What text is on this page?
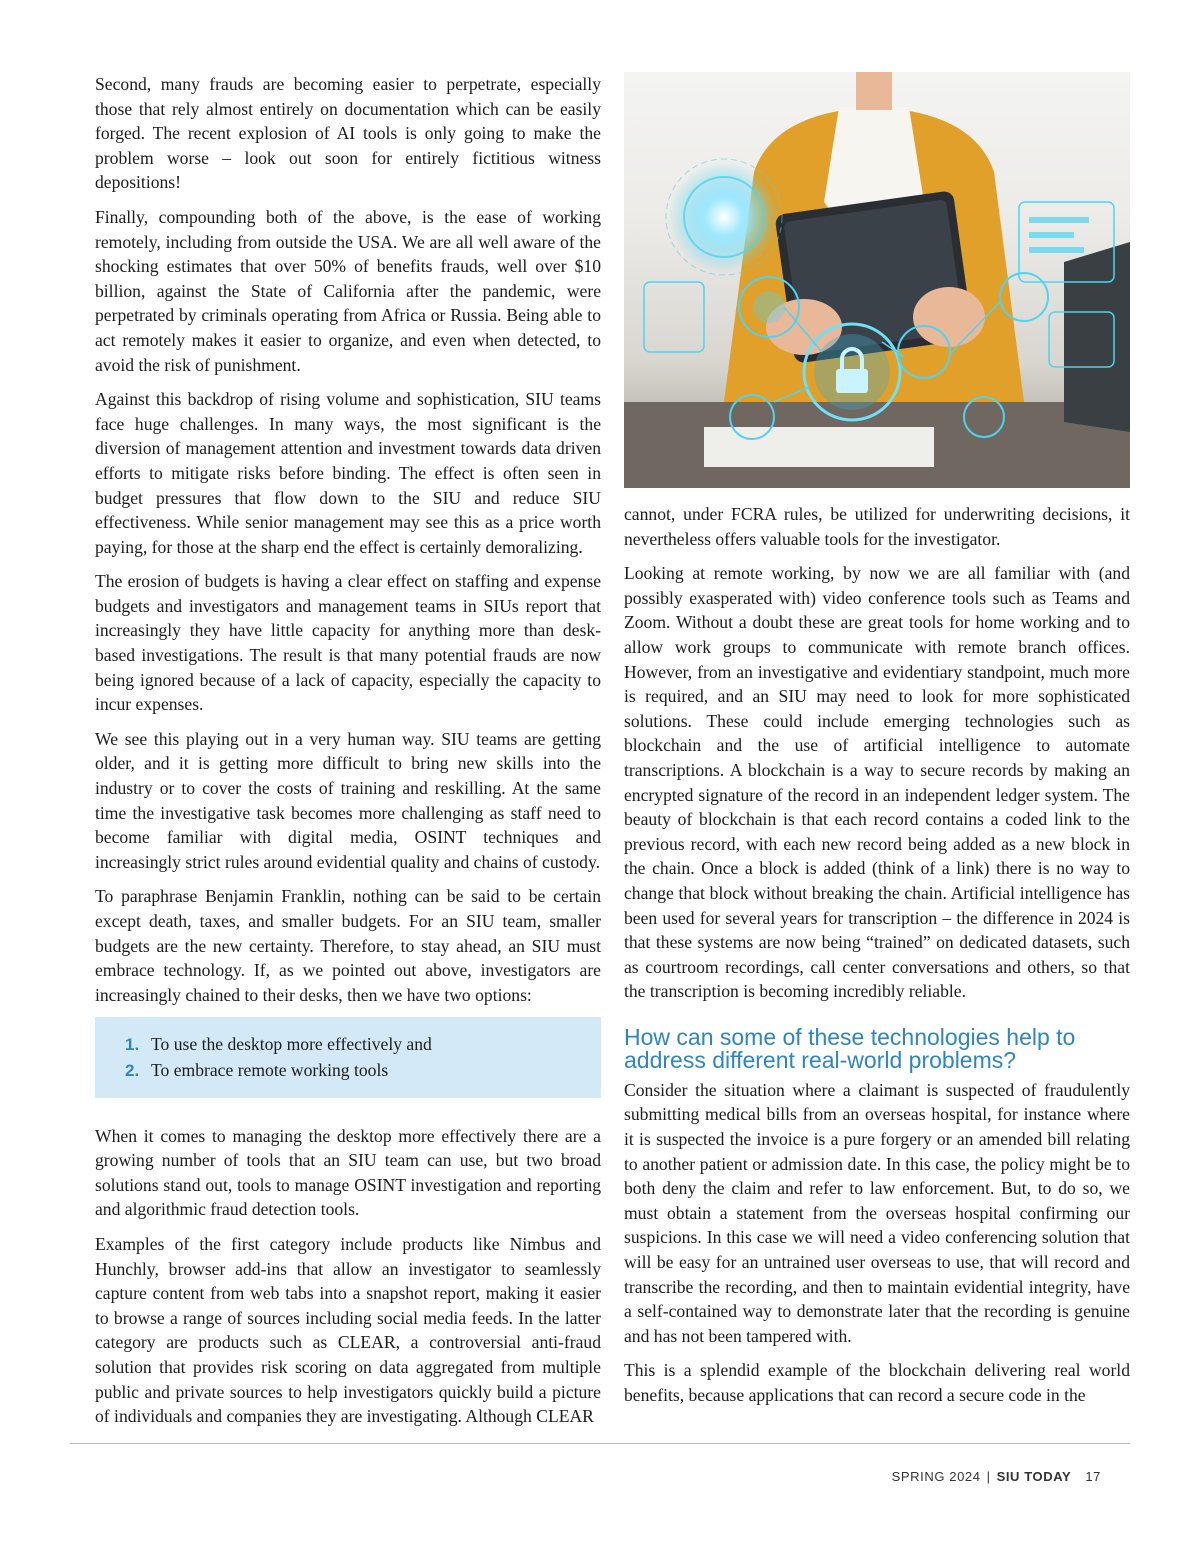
Second, many frauds are becoming easier to perpetrate, especially those that rely almost entirely on documentation which can be easily forged. The recent explosion of AI tools is only going to make the problem worse – look out soon for entirely fictitious witness depositions!

Finally, compounding both of the above, is the ease of working remotely, including from outside the USA. We are all well aware of the shocking estimates that over 50% of benefits frauds, well over $10 billion, against the State of California after the pandemic, were perpetrated by criminals operating from Africa or Russia. Being able to act remotely makes it easier to organize, and even when detected, to avoid the risk of punishment.

Against this backdrop of rising volume and sophistication, SIU teams face huge challenges. In many ways, the most significant is the diversion of management attention and investment towards data driven efforts to mitigate risks before binding. The effect is often seen in budget pressures that flow down to the SIU and reduce SIU effectiveness. While senior management may see this as a price worth paying, for those at the sharp end the effect is certainly demoralizing.

The erosion of budgets is having a clear effect on staffing and expense budgets and investigators and management teams in SIUs report that increasingly they have little capacity for anything more than desk-based investigations. The result is that many potential frauds are now being ignored because of a lack of capacity, especially the capacity to incur expenses.

We see this playing out in a very human way. SIU teams are getting older, and it is getting more difficult to bring new skills into the industry or to cover the costs of training and reskilling. At the same time the investigative task becomes more challenging as staff need to become familiar with digital media, OSINT techniques and increasingly strict rules around evidential quality and chains of custody.

To paraphrase Benjamin Franklin, nothing can be said to be certain except death, taxes, and smaller budgets. For an SIU team, smaller budgets are the new certainty. Therefore, to stay ahead, an SIU must embrace technology. If, as we pointed out above, investigators are increasingly chained to their desks, then we have two options:

1. To use the desktop more effectively and
2. To embrace remote working tools

When it comes to managing the desktop more effectively there are a growing number of tools that an SIU team can use, but two broad solutions stand out, tools to manage OSINT investigation and reporting and algorithmic fraud detection tools.

Examples of the first category include products like Nimbus and Hunchly, browser add-ins that allow an investigator to seamlessly capture content from web tabs into a snapshot report, making it easier to browse a range of sources including social media feeds. In the latter category are products such as CLEAR, a controversial anti-fraud solution that provides risk scoring on data aggregated from multiple public and private sources to help investigators quickly build a picture of individuals and companies they are investigating. Although CLEAR

cannot, under FCRA rules, be utilized for underwriting decisions, it nevertheless offers valuable tools for the investigator.

Looking at remote working, by now we are all familiar with (and possibly exasperated with) video conference tools such as Teams and Zoom. Without a doubt these are great tools for home working and to allow work groups to communicate with remote branch offices. However, from an investigative and evidentiary standpoint, much more is required, and an SIU may need to look for more sophisticated solutions. These could include emerging technologies such as blockchain and the use of artificial intelligence to automate transcriptions. A blockchain is a way to secure records by making an encrypted signature of the record in an independent ledger system. The beauty of blockchain is that each record contains a coded link to the previous record, with each new record being added as a new block in the chain. Once a block is added (think of a link) there is no way to change that block without breaking the chain. Artificial intelligence has been used for several years for transcription – the difference in 2024 is that these systems are now being “trained” on dedicated datasets, such as courtroom recordings, call center conversations and others, so that the transcription is becoming incredibly reliable.

How can some of these technologies help to address different real-world problems?

Consider the situation where a claimant is suspected of fraudulently submitting medical bills from an overseas hospital, for instance where it is suspected the invoice is a pure forgery or an amended bill relating to another patient or admission date. In this case, the policy might be to both deny the claim and refer to law enforcement. But, to do so, we must obtain a statement from the overseas hospital confirming our suspicions. In this case we will need a video conferencing solution that will be easy for an untrained user overseas to use, that will record and transcribe the recording, and then to maintain evidential integrity, have a self-contained way to demonstrate later that the recording is genuine and has not been tampered with.

This is a splendid example of the blockchain delivering real world benefits, because applications that can record a secure code in the

SPRING 2024 | SIU TODAY 17
